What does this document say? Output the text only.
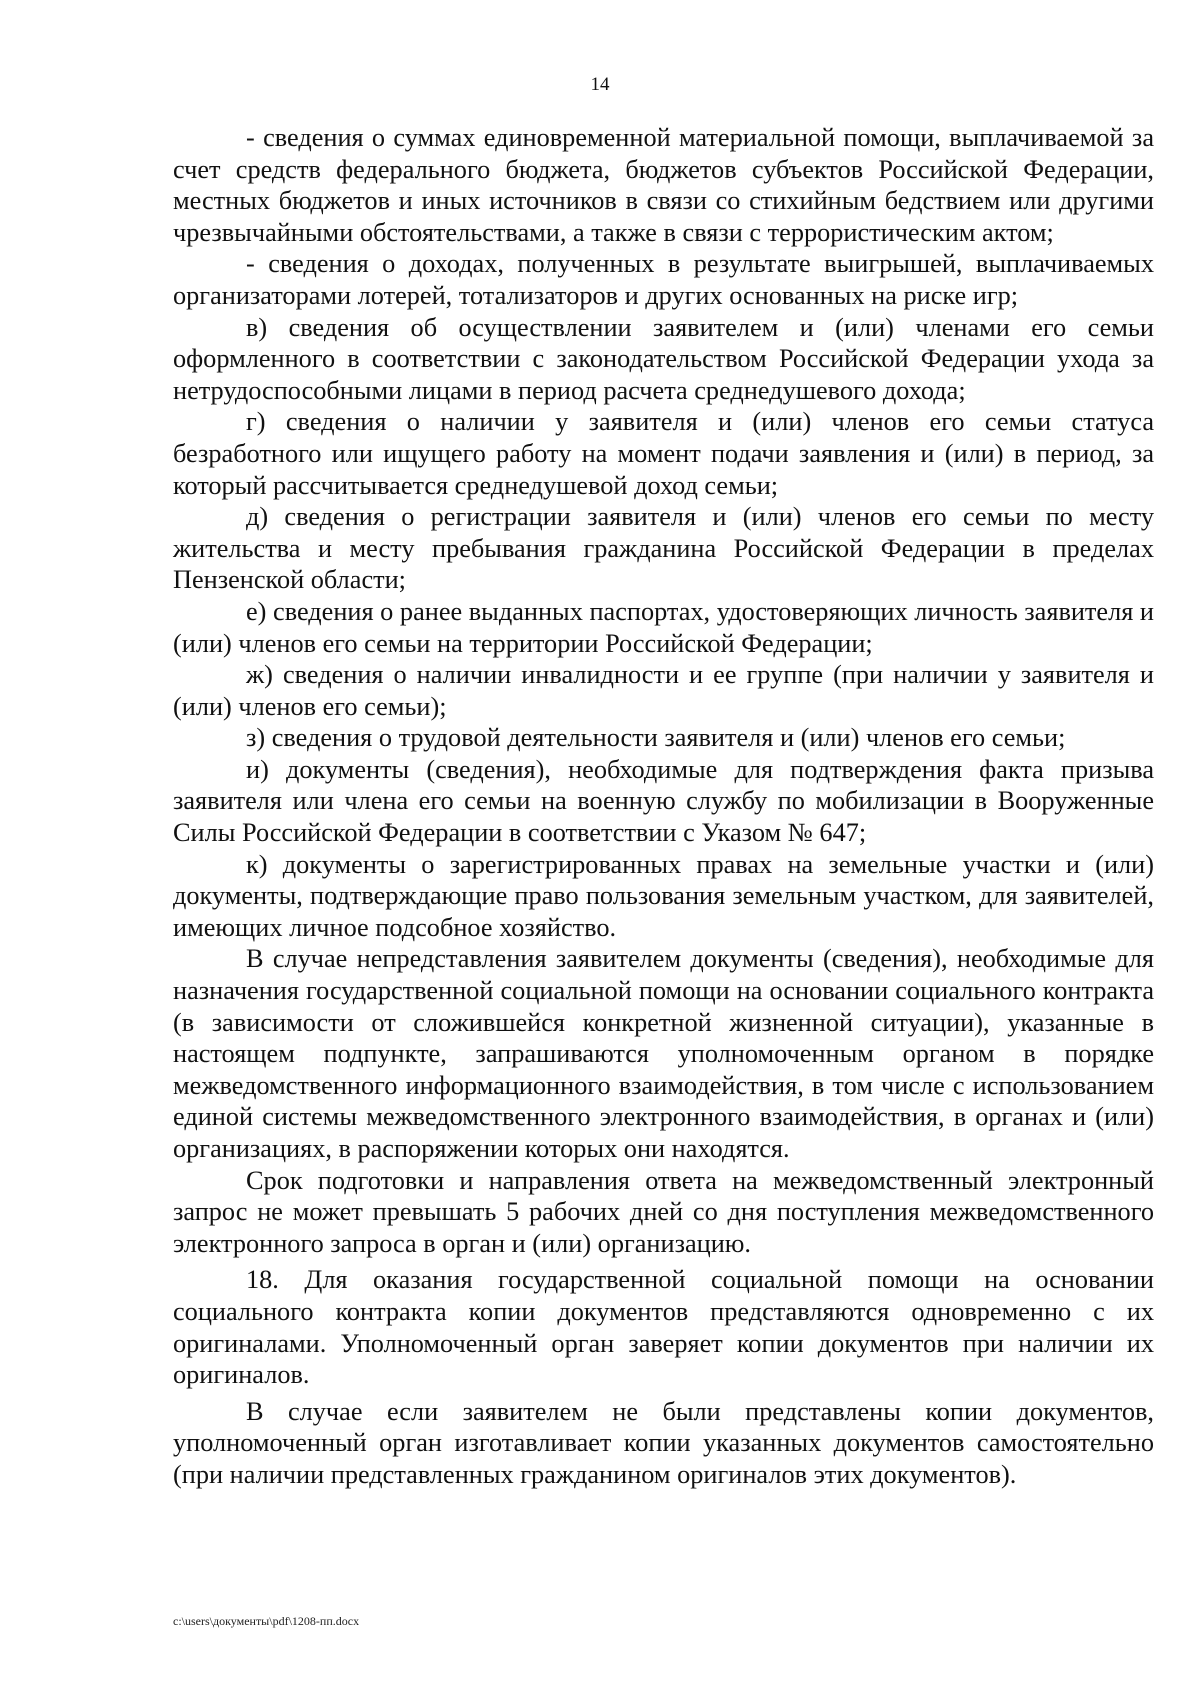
14

- сведения о суммах единовременной материальной помощи, выплачиваемой за счет средств федерального бюджета, бюджетов субъектов Российской Федерации, местных бюджетов и иных источников в связи со стихийным бедствием или другими чрезвычайными обстоятельствами, а также в связи с террористическим актом;

- сведения о доходах, полученных в результате выигрышей, выплачиваемых организаторами лотерей, тотализаторов и других основанных на риске игр;

в) сведения об осуществлении заявителем и (или) членами его семьи оформленного в соответствии с законодательством Российской Федерации ухода за нетрудоспособными лицами в период расчета среднедушевого дохода;

г) сведения о наличии у заявителя и (или) членов его семьи статуса безработного или ищущего работу на момент подачи заявления и (или) в период, за который рассчитывается среднедушевой доход семьи;

д) сведения о регистрации заявителя и (или) членов его семьи по месту жительства и месту пребывания гражданина Российской Федерации в пределах Пензенской области;

е) сведения о ранее выданных паспортах, удостоверяющих личность заявителя и (или) членов его семьи на территории Российской Федерации;

ж) сведения о наличии инвалидности и ее группе (при наличии у заявителя и (или) членов его семьи);

з) сведения о трудовой деятельности заявителя и (или) членов его семьи;

и) документы (сведения), необходимые для подтверждения факта призыва заявителя или члена его семьи на военную службу по мобилизации в Вооруженные Силы Российской Федерации в соответствии с Указом № 647;

к) документы о зарегистрированных правах на земельные участки и (или) документы, подтверждающие право пользования земельным участком, для заявителей, имеющих личное подсобное хозяйство.

В случае непредставления заявителем документы (сведения), необходимые для назначения государственной социальной помощи на основании социального контракта (в зависимости от сложившейся конкретной жизненной ситуации), указанные в настоящем подпункте, запрашиваются уполномоченным органом в порядке межведомственного информационного взаимодействия, в том числе с использованием единой системы межведомственного электронного взаимодействия, в органах и (или) организациях, в распоряжении которых они находятся.

Срок подготовки и направления ответа на межведомственный электронный запрос не может превышать 5 рабочих дней со дня поступления межведомственного электронного запроса в орган и (или) организацию.

18. Для оказания государственной социальной помощи на основании социального контракта копии документов представляются одновременно с их оригиналами. Уполномоченный орган заверяет копии документов при наличии их оригиналов.

В случае если заявителем не были представлены копии документов, уполномоченный орган изготавливает копии указанных документов самостоятельно (при наличии представленных гражданином оригиналов этих документов).

c:\users\документы\pdf\1208-пп.docx
